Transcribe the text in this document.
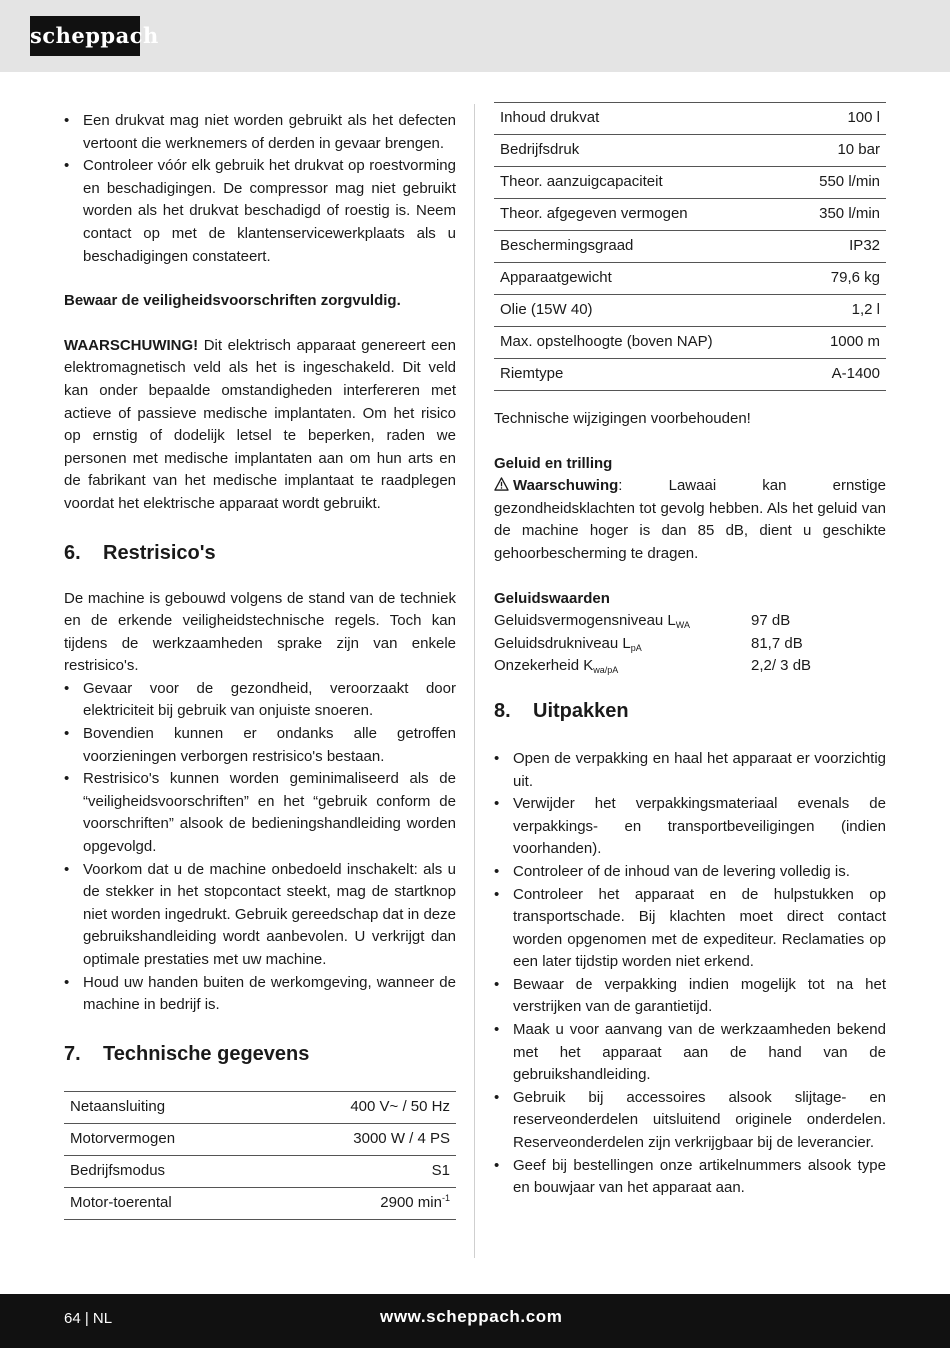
scheppach
• Een drukvat mag niet worden gebruikt als het defecten vertoont die werknemers of derden in gevaar brengen.
• Controleer vóór elk gebruik het drukvat op roestvorming en beschadigingen. De compressor mag niet gebruikt worden als het drukvat beschadigd of roestig is. Neem contact op met de klantenservicewerkplaats als u beschadigingen constateert.

Bewaar de veiligheidsvoorschriften zorgvuldig.

WAARSCHUWING! Dit elektrisch apparaat genereert een elektromagnetisch veld als het is ingeschakeld. Dit veld kan onder bepaalde omstandigheden interfereren met actieve of passieve medische implantaten. Om het risico op ernstig of dodelijk letsel te beperken, raden we personen met medische implantaten aan om hun arts en de fabrikant van het medische implantaat te raadplegen voordat het elektrische apparaat wordt gebruikt.

6. Restrisico's

De machine is gebouwd volgens de stand van de techniek en de erkende veiligheidstechnische regels. Toch kan tijdens de werkzaamheden sprake zijn van enkele restrisico's.

• Gevaar voor de gezondheid, veroorzaakt door elektriciteit bij gebruik van onjuiste snoeren.
• Bovendien kunnen er ondanks alle getroffen voorzieningen verborgen restrisico's bestaan.
• Restrisico's kunnen worden geminimaliseerd als de “veiligheidsvoorschriften” en het “gebruik conform de voorschriften” alsook de bedieningshandleiding worden opgevolgd.
• Voorkom dat u de machine onbedoeld inschakelt: als u de stekker in het stopcontact steekt, mag de startknop niet worden ingedrukt. Gebruik gereedschap dat in deze gebruikshandleiding wordt aanbevolen. U verkrijgt dan optimale prestaties met uw machine.
• Houd uw handen buiten de werkomgeving, wanneer de machine in bedrijf is.
7. Technische gegevens
Netaansluiting	400 V~ / 50 Hz
Motorvermogen	3000 W / 4 PS
Bedrijfsmodus	S1
Motor-toerental	2900 $\min^{-1}$
Inhoud drukvat	100 l
Bedrijfsdruk	10 bar
Theor. aanzuigcapaciteit	550 l/min
Theor. afgegeven vermogen	350 l/min
Beschermingsgraad	IP32
Apparaatgewicht	79,6 kg
Olie (15W 40)	1,2 l
Max. opstelhoogte (boven NAP)	1000 m
Riemtype	A-1400

Technische wijzigingen voorbehouden!

Geluid en trilling

Waarschuwing: Lawaai kan ernstige gezondheidsklachten tot gevolg hebben. Als het geluid van de machine hoger is dan 85 dB, dient u geschikte gehoorbescherming te dragen.

Geluidswaarden

Geluidsvermogensniveau $L_{WA}$	97 dB
Geluidsdrukniveau $L_{pA}$	81,7 dB
Onzekerheid $K_{wa/pA}$	2,2/ 3 dB
8. Uitpakken
• Open de verpakking en haal het apparaat er voorzichtig uit.
• Verwijder het verpakkingsmateriaal evenals de verpakkings- en transportbeveiligingen (indien voorhanden).
• Controleer of de inhoud van de levering volledig is.
• Controleer het apparaat en de hulpstukken op transportschade. Bij klachten moet direct contact worden opgenomen met de expediteur. Reclamaties op een later tijdstip worden niet erkend.
• Bewaar de verpakking indien mogelijk tot na het verstrijken van de garantietijd.
• Maak u voor aanvang van de werkzaamheden bekend met het apparaat aan de hand van de gebruikshandleiding.
• Gebruik bij accessoires alsook slijtage- en reserveonderdelen uitsluitend originele onderdelen. Reserveonderdelen zijn verkrijgbaar bij de leverancier.
• Geef bij bestellingen onze artikelnummers alsook type en bouwjaar van het apparaat aan.
64 | NL	www.scheppach.com
